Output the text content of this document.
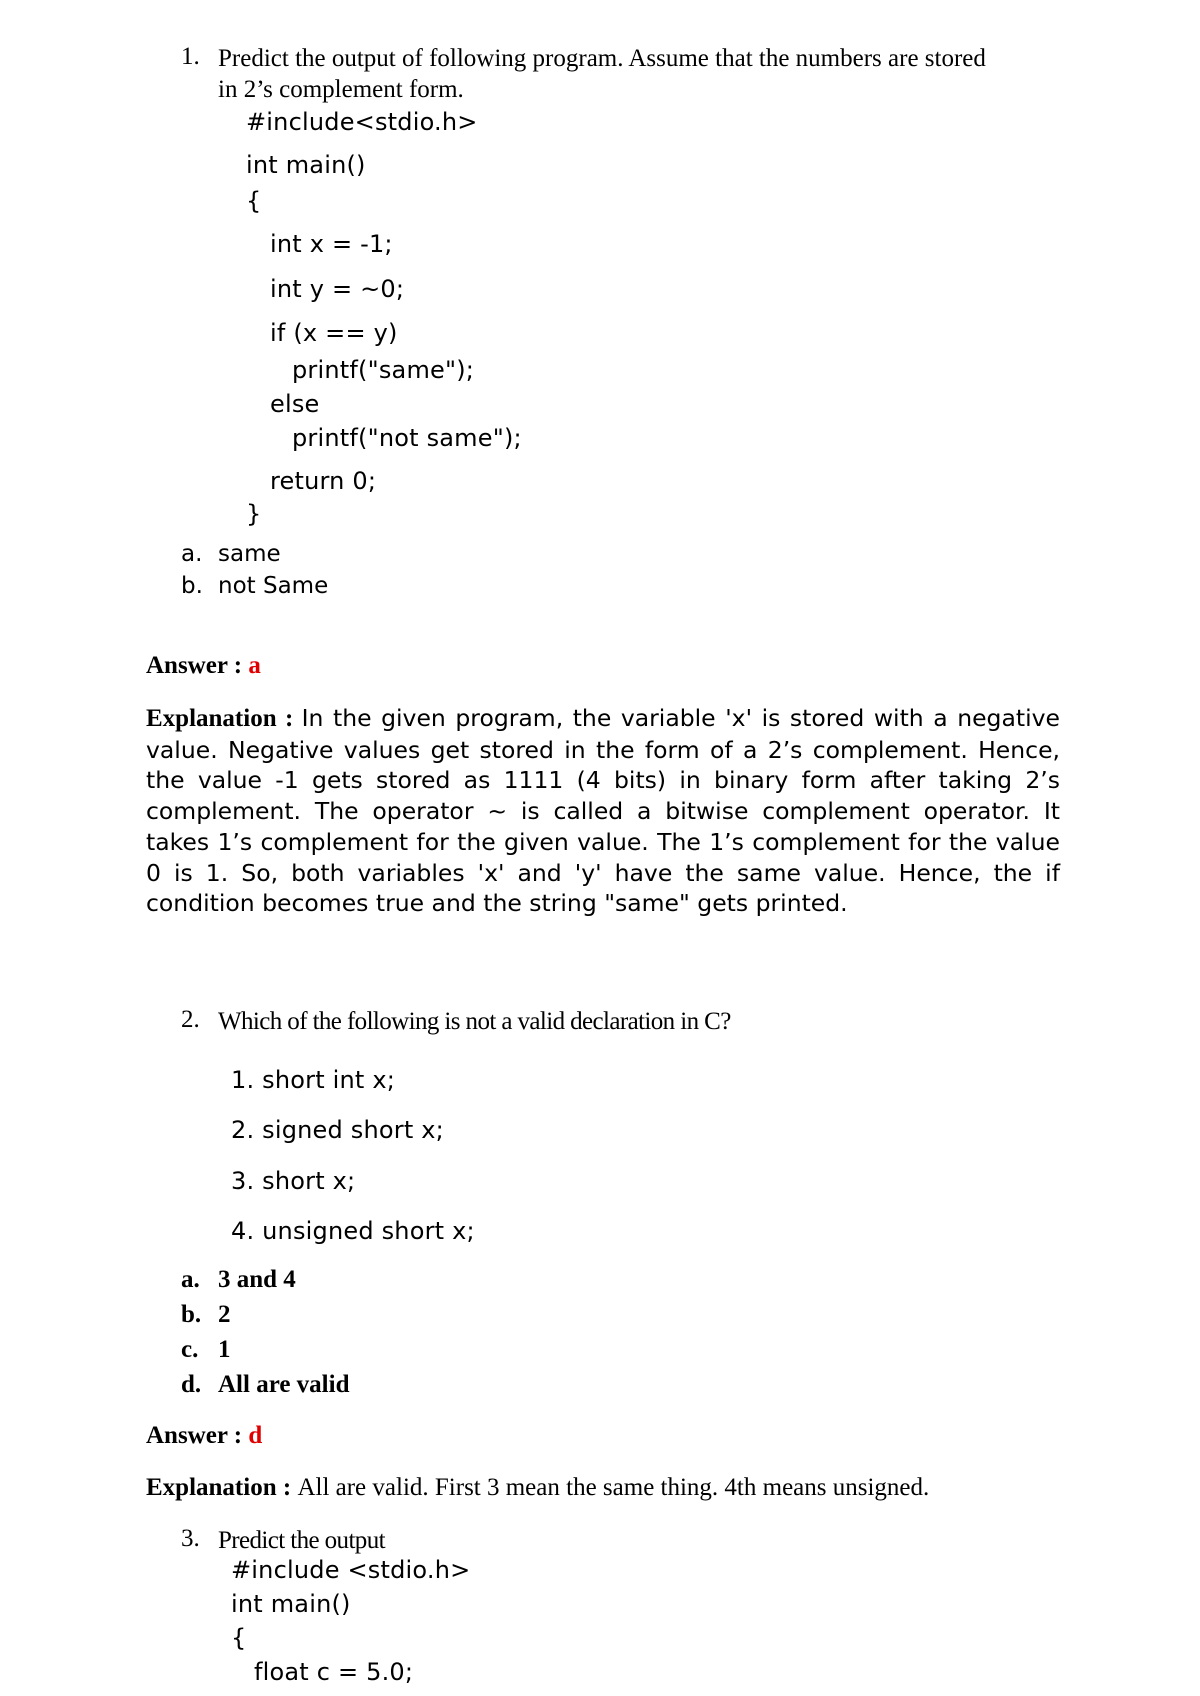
1. Predict the output of following program. Assume that the numbers are stored
in 2’s complement form.
#include<stdio.h>
int main()
{
int x = -1;
int y = ~0;
if (x == y)
printf("same");
else
printf("not same");
return 0;
}
a. same
b. not Same
Answer : a
Explanation : In the given program, the variable 'x' is stored with a negative value. Negative values get stored in the form of a 2’s complement. Hence, the value -1 gets stored as 1111 (4 bits) in binary form after taking 2’s complement. The operator ~ is called a bitwise complement operator. It takes 1’s complement for the given value. The 1’s complement for the value 0 is 1. So, both variables 'x' and 'y' have the same value. Hence, the if condition becomes true and the string "same" gets printed.
2. Which of the following is not a valid declaration in C?
1. short int x;
2. signed short x;
3. short x;
4. unsigned short x;
a. 3 and 4
b. 2
c. 1
d. All are valid
Answer : d
Explanation : All are valid. First 3 mean the same thing. 4th means unsigned.
3. Predict the output
#include <stdio.h>
int main()
{
float c = 5.0;
